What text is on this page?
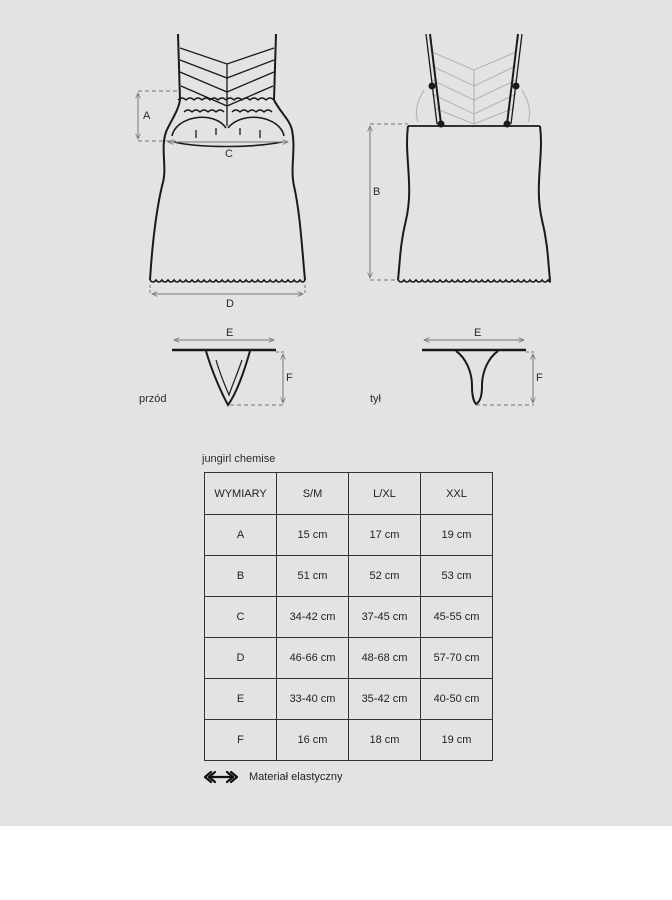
A
C
B
D
E
F
E
F
przód	tył
jungirl chemise
WYMIARY	S/M	L/XL	XXL
A	15 cm	17 cm	19 cm
B	51 cm	52 cm	53 cm
C	34-42 cm	37-45 cm	45-55 cm
D	46-66 cm	48-68 cm	57-70 cm
E	33-40 cm	35-42 cm	40-50 cm
F	16 cm	18 cm	19 cm
Materiał elastyczny
